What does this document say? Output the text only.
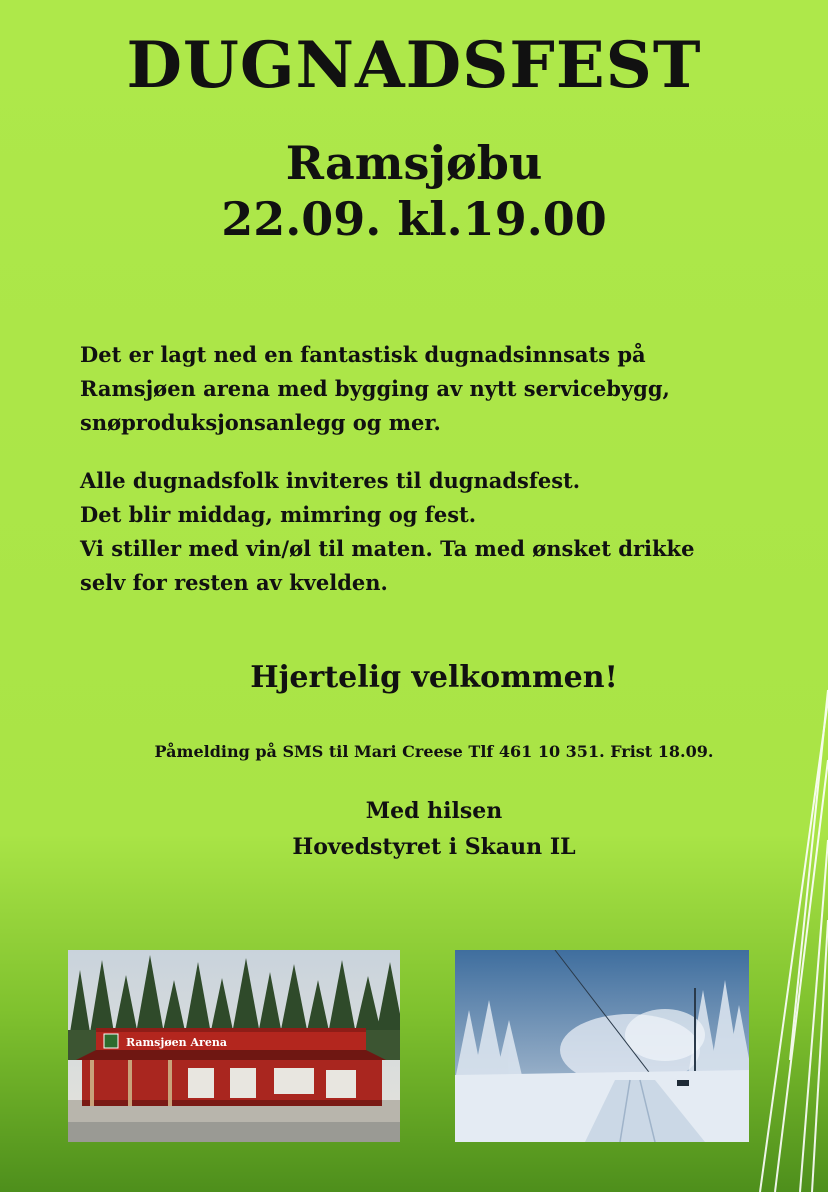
DUGNADSFEST
Ramsjøbu
22.09. kl.19.00
Det er lagt ned en fantastisk dugnadsinnsats på
Ramsjøen arena med bygging av nytt servicebygg,
snøproduksjonsanlegg og mer.
Alle dugnadsfolk inviteres til dugnadsfest.
Det blir middag, mimring og fest.
Vi stiller med vin/øl til maten. Ta med ønsket drikke
selv for resten av kvelden.
Hjertelig velkommen!
Påmelding på SMS til Mari Creese Tlf 461 10 351. Frist 18.09.
Med hilsen
Hovedstyret i Skaun IL
Ramsjøen Arena
